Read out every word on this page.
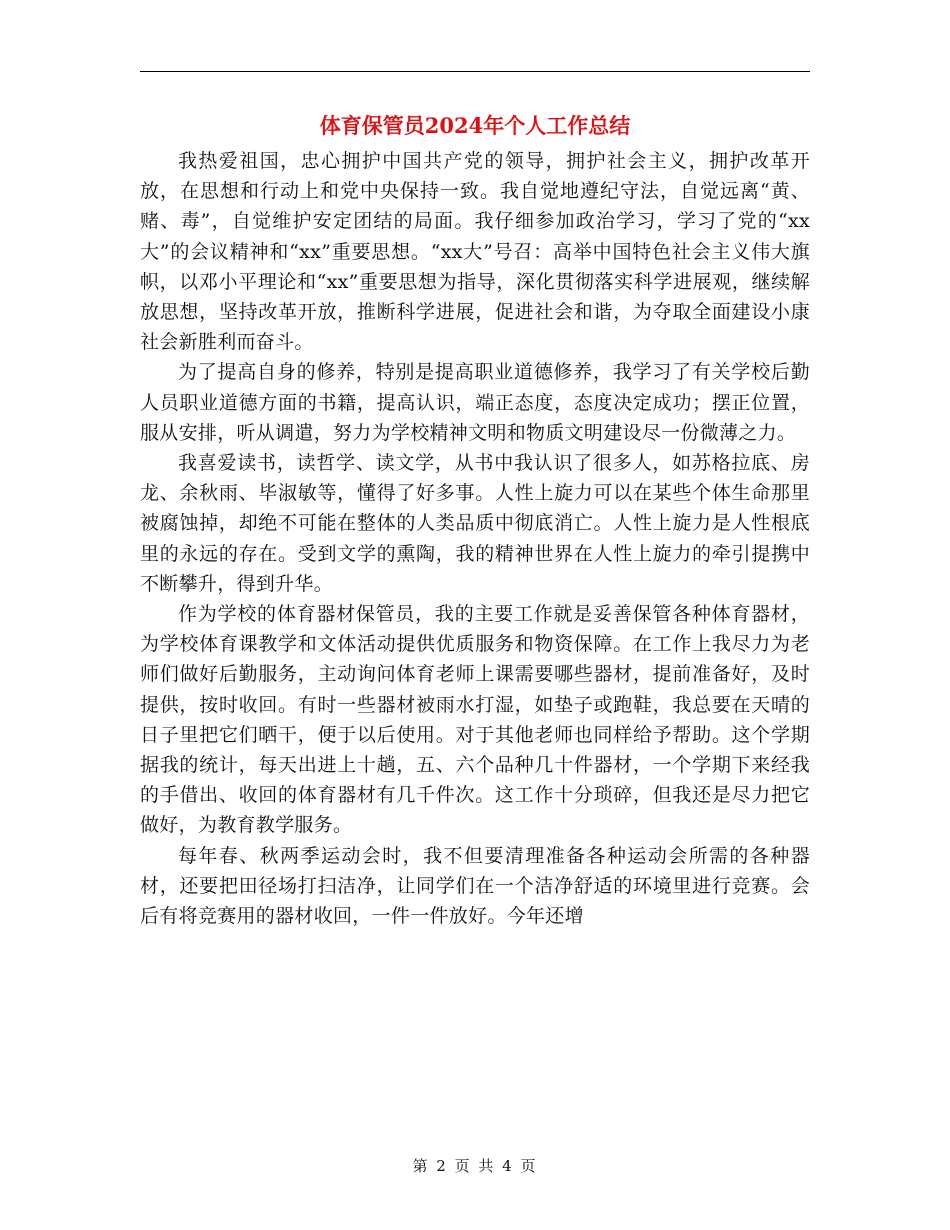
体育保管员2024年个人工作总结

我热爱祖国，忠心拥护中国共产党的领导，拥护社会主义，拥护改革开放，在思想和行动上和党中央保持一致。我自觉地遵纪守法，自觉远离“黄、赌、毒”，自觉维护安定团结的局面。我仔细参加政治学习，学习了党的“xx大”的会议精神和“xx”重要思想。“xx大”号召：高举中国特色社会主义伟大旗帜，以邓小平理论和“xx”重要思想为指导，深化贯彻落实科学进展观，继续解放思想，坚持改革开放，推断科学进展，促进社会和谐，为夺取全面建设小康社会新胜利而奋斗。

为了提高自身的修养，特别是提高职业道德修养，我学习了有关学校后勤人员职业道德方面的书籍，提高认识，端正态度，态度决定成功；摆正位置，服从安排，听从调遣，努力为学校精神文明和物质文明建设尽一份微薄之力。

我喜爱读书，读哲学、读文学，从书中我认识了很多人，如苏格拉底、房龙、余秋雨、毕淑敏等，懂得了好多事。人性上旋力可以在某些个体生命那里被腐蚀掉，却绝不可能在整体的人类品质中彻底消亡。人性上旋力是人性根底里的永远的存在。受到文学的熏陶，我的精神世界在人性上旋力的牵引提携中不断攀升，得到升华。

作为学校的体育器材保管员，我的主要工作就是妥善保管各种体育器材，为学校体育课教学和文体活动提供优质服务和物资保障。在工作上我尽力为老师们做好后勤服务，主动询问体育老师上课需要哪些器材，提前准备好，及时提供，按时收回。有时一些器材被雨水打湿，如垫子或跑鞋，我总要在天晴的日子里把它们晒干，便于以后使用。对于其他老师也同样给予帮助。这个学期据我的统计，每天出进上十趟，五、六个品种几十件器材，一个学期下来经我的手借出、收回的体育器材有几千件次。这工作十分琐碎，但我还是尽力把它做好，为教育教学服务。

每年春、秋两季运动会时，我不但要清理准备各种运动会所需的各种器材，还要把田径场打扫洁净，让同学们在一个洁净舒适的环境里进行竞赛。会后有将竞赛用的器材收回，一件一件放好。今年还增

第 2 页 共 4 页
